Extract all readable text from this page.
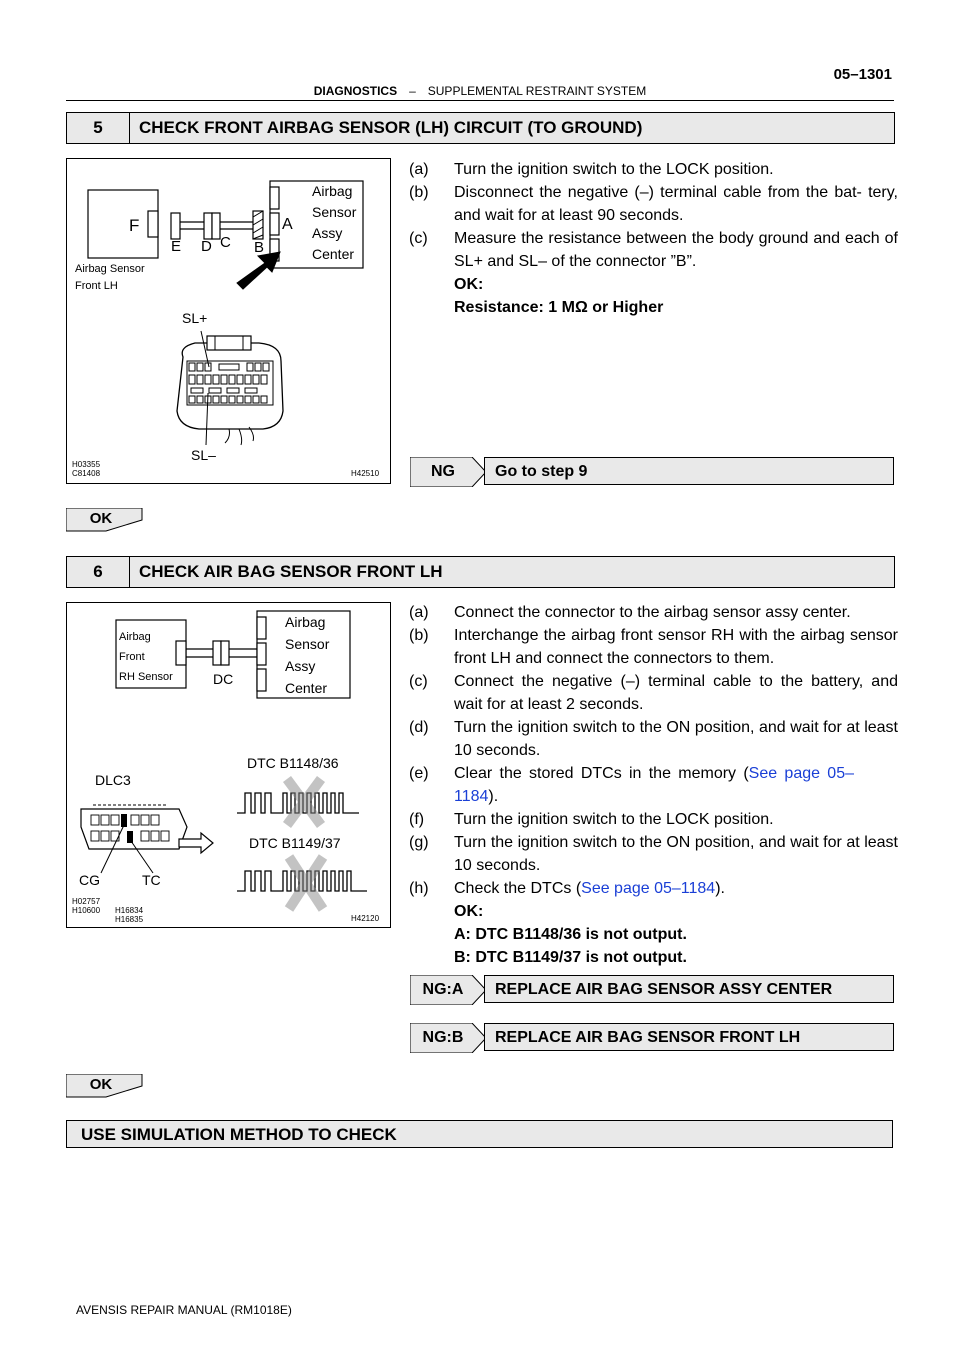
05–1301
DIAGNOSTICS – SUPPLEMENTAL RESTRAINT SYSTEM
5	CHECK FRONT AIRBAG SENSOR (LH) CIRCUIT (TO GROUND)
F
E D C B
A
Airbag Sensor
Front LH
Airbag
Sensor
Assy
Center
SL+
SL–
H03355
C81408	H42510
(a) Turn the ignition switch to the LOCK position.
(b) Disconnect the negative (–) terminal cable from the bat- tery, and wait for at least 90 seconds.
(c) Measure the resistance between the body ground and each of SL+ and SL– of the connector ”B”.
OK:
Resistance: 1 MΩ or Higher
NG	Go to step 9
OK
6	CHECK AIR BAG SENSOR FRONT LH
Airbag
Front
RH Sensor	DC
Airbag
Sensor
Assy
Center
DLC3
CG	TC
DTC B1148/36
DTC B1149/37
H02757
H10600 H16834
H16835	H42120
(a) Connect the connector to the airbag sensor assy center.
(b) Interchange the airbag front sensor RH with the airbag sensor front LH and connect the connectors to them.
(c) Connect the negative (–) terminal cable to the battery, and wait for at least 2 seconds.
(d) Turn the ignition switch to the ON position, and wait for at least 10 seconds.
(e) Clear the stored DTCs in the memory (See page 05–1184).
(f) Turn the ignition switch to the LOCK position.
(g) Turn the ignition switch to the ON position, and wait for at least 10 seconds.
(h) Check the DTCs (See page 05–1184).
OK:
A: DTC B1148/36 is not output.
B: DTC B1149/37 is not output.
NG:A	REPLACE AIR BAG SENSOR ASSY CENTER
NG:B	REPLACE AIR BAG SENSOR FRONT LH
OK
USE SIMULATION METHOD TO CHECK
AVENSIS REPAIR MANUAL (RM1018E)
